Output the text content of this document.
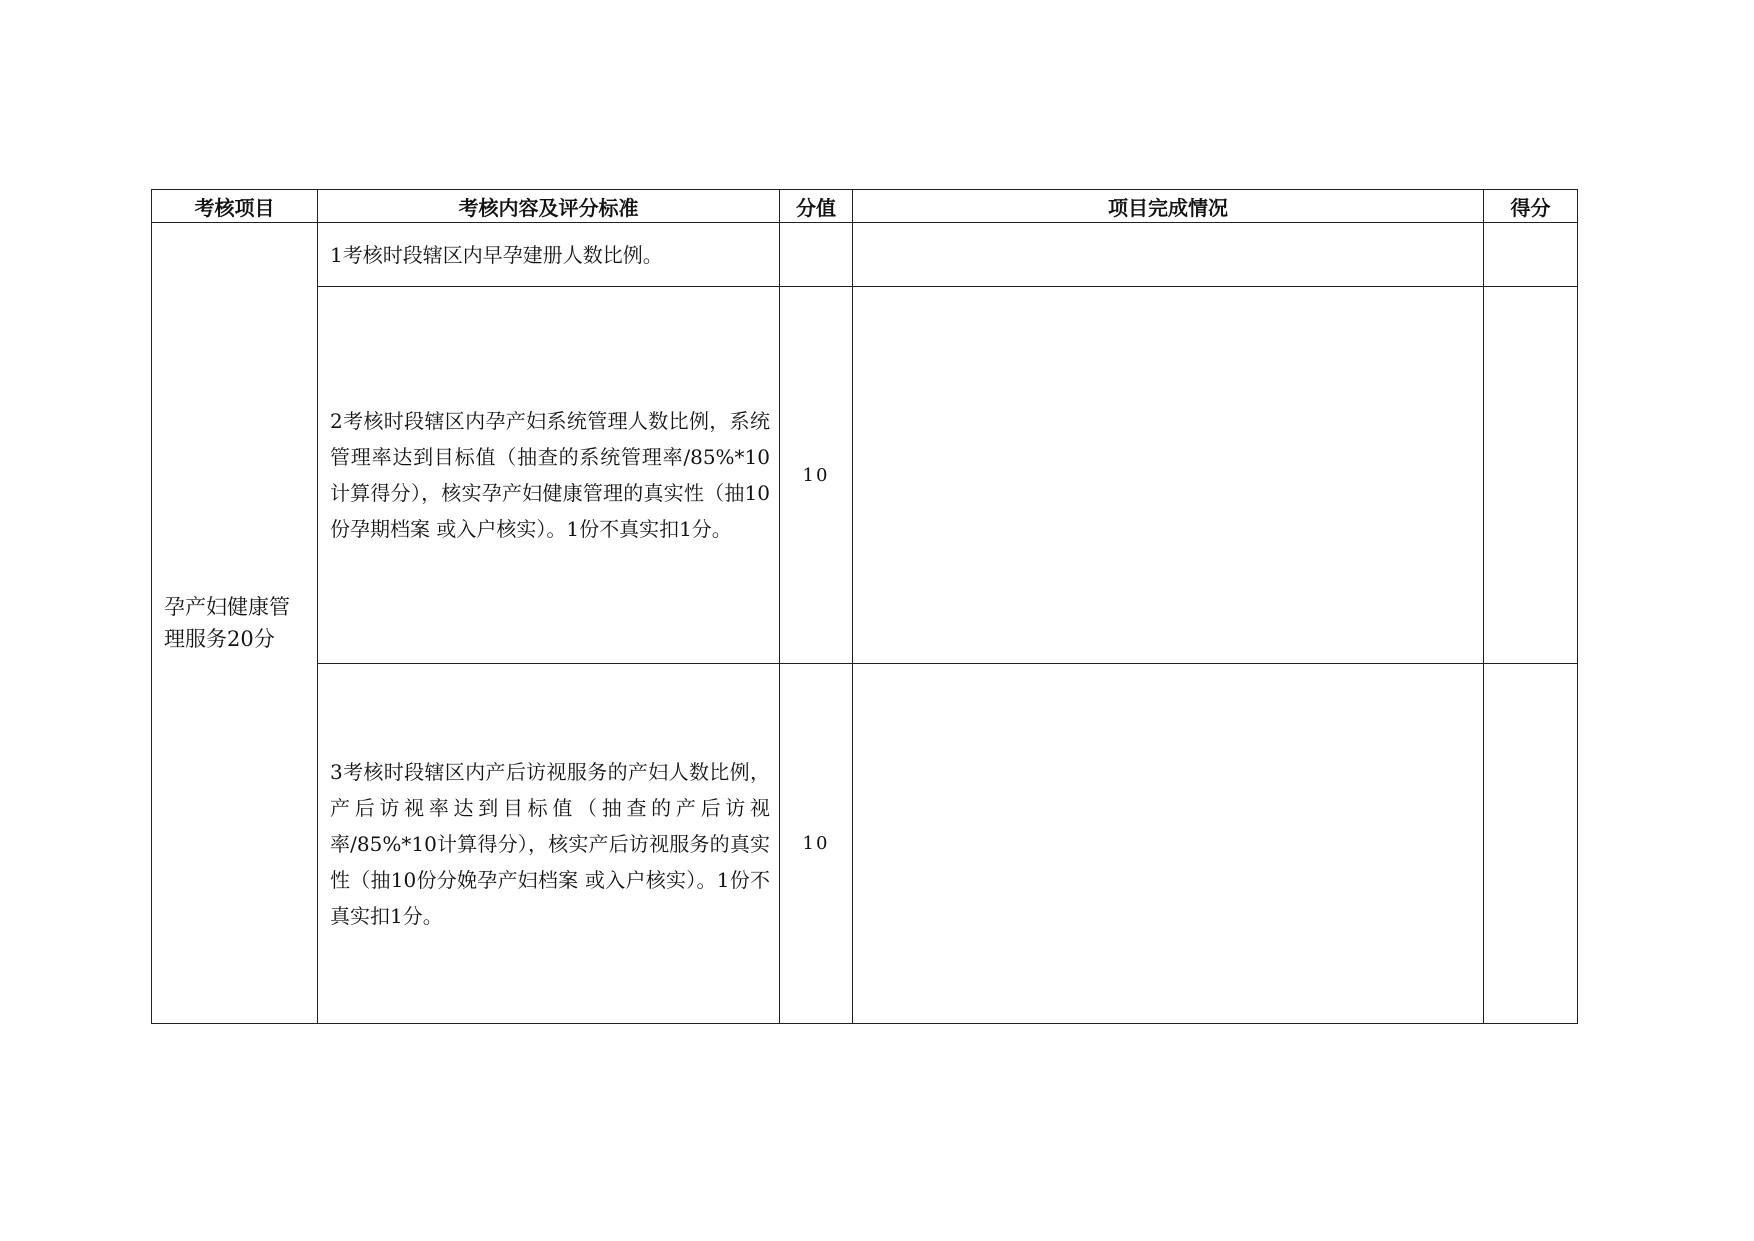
考核项目	考核内容及评分标准	分值	项目完成情况	得分
孕产妇健康管理服务20分	1考核时段辖区内早孕建册人数比例。			
	2考核时段辖区内孕产妇系统管理人数比例，系统管理率达到目标值（抽查的系统管理率/85%*10计算得分），核实孕产妇健康管理的真实性（抽10份孕期档案 或入户核实）。1份不真实扣1分。	10		
	3考核时段辖区内产后访视服务的产妇人数比例，产后访视率达到目标值（抽查的产后访视率/85%*10计算得分），核实产后访视服务的真实性（抽10份分娩孕产妇档案 或入户核实）。1份不真实扣1分。	10		
